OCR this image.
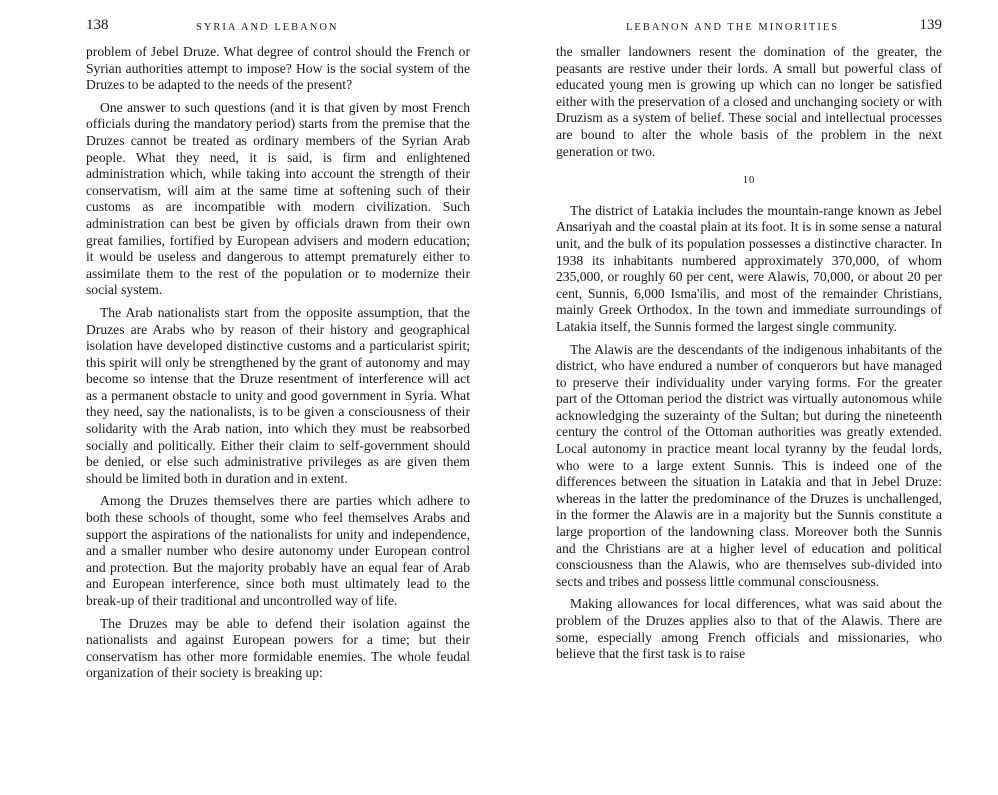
138	SYRIA AND LEBANON

problem of Jebel Druze. What degree of control should the French or Syrian authorities attempt to impose? How is the social system of the Druzes to be adapted to the needs of the present?

One answer to such questions (and it is that given by most French officials during the mandatory period) starts from the premise that the Druzes cannot be treated as ordinary members of the Syrian Arab people. What they need, it is said, is firm and enlightened administration which, while taking into account the strength of their conservatism, will aim at the same time at softening such of their customs as are incompatible with modern civilization. Such administration can best be given by officials drawn from their own great families, fortified by European advisers and modern education; it would be useless and dangerous to attempt prematurely either to assimilate them to the rest of the population or to modernize their social system.

The Arab nationalists start from the opposite assumption, that the Druzes are Arabs who by reason of their history and geographical isolation have developed distinctive customs and a particularist spirit; this spirit will only be strengthened by the grant of autonomy and may become so intense that the Druze resentment of interference will act as a permanent obstacle to unity and good government in Syria. What they need, say the nationalists, is to be given a consciousness of their solidarity with the Arab nation, into which they must be reabsorbed socially and politically. Either their claim to self-government should be denied, or else such administrative privileges as are given them should be limited both in duration and in extent.

Among the Druzes themselves there are parties which adhere to both these schools of thought, some who feel themselves Arabs and support the aspirations of the nationalists for unity and independence, and a smaller number who desire autonomy under European control and protection. But the majority probably have an equal fear of Arab and European interference, since both must ultimately lead to the break-up of their traditional and uncontrolled way of life.

The Druzes may be able to defend their isolation against the nationalists and against European powers for a time; but their conservatism has other more formidable enemies. The whole feudal organization of their society is breaking up:

LEBANON AND THE MINORITIES	139

the smaller landowners resent the domination of the greater, the peasants are restive under their lords. A small but powerful class of educated young men is growing up which can no longer be satisfied either with the preservation of a closed and unchanging society or with Druzism as a system of belief. These social and intellectual processes are bound to alter the whole basis of the problem in the next generation or two.

10

The district of Latakia includes the mountain-range known as Jebel Ansariyah and the coastal plain at its foot. It is in some sense a natural unit, and the bulk of its population possesses a distinctive character. In 1938 its inhabitants numbered approximately 370,000, of whom 235,000, or roughly 60 per cent, were Alawis, 70,000, or about 20 per cent, Sunnis, 6,000 Isma'ilis, and most of the remainder Christians, mainly Greek Orthodox. In the town and immediate surroundings of Latakia itself, the Sunnis formed the largest single community.

The Alawis are the descendants of the indigenous inhabitants of the district, who have endured a number of conquerors but have managed to preserve their individuality under varying forms. For the greater part of the Ottoman period the district was virtually autonomous while acknowledging the suzerainty of the Sultan; but during the nineteenth century the control of the Ottoman authorities was greatly extended. Local autonomy in practice meant local tyranny by the feudal lords, who were to a large extent Sunnis. This is indeed one of the differences between the situation in Latakia and that in Jebel Druze: whereas in the latter the predominance of the Druzes is unchallenged, in the former the Alawis are in a majority but the Sunnis constitute a large proportion of the landowning class. Moreover both the Sunnis and the Christians are at a higher level of education and political consciousness than the Alawis, who are themselves sub-divided into sects and tribes and possess little communal consciousness.

Making allowances for local differences, what was said about the problem of the Druzes applies also to that of the Alawis. There are some, especially among French officials and missionaries, who believe that the first task is to raise
